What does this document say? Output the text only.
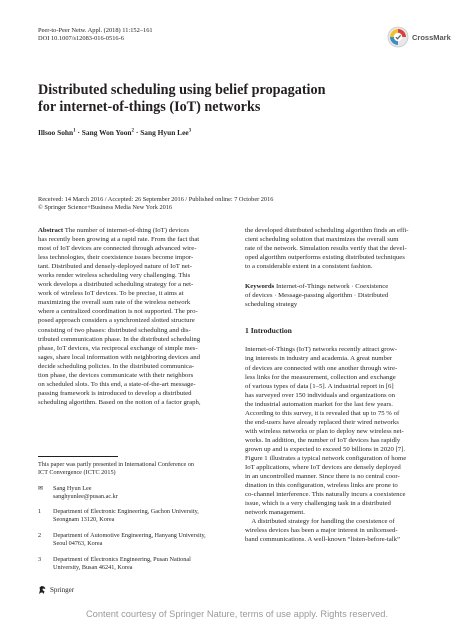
Peer-to-Peer Netw. Appl. (2018) 11:152–161
DOI 10.1007/s12083-016-0516-6	CrossMark
Distributed scheduling using belief propagation
for internet-of-things (IoT) networks
Illsoo Sohn$^1$ · Sang Won Yoon$^2$ · Sang Hyun Lee$^3$
Received: 14 March 2016 / Accepted: 26 September 2016 / Published online: 7 October 2016
© Springer Science+Business Media New York 2016

Abstract The number of internet-of-thing (IoT) devices

has recently been growing at a rapid rate. From the fact that

most of IoT devices are connected through advanced wire-

less technologies, their coexistence issues become impor-

tant. Distributed and densely-deployed nature of IoT net-

works render wireless scheduling very challenging. This

work develops a distributed scheduling strategy for a net-

work of wireless IoT devices. To be precise, it aims at

maximizing the overall sum rate of the wireless network

where a centralized coordination is not supported. The pro-

posed approach considers a synchronized slotted structure

consisting of two phases: distributed scheduling and dis-

tributed communication phase. In the distributed scheduling

phase, IoT devices, via reciprocal exchange of simple mes-

sages, share local information with neighboring devices and

decide scheduling policies. In the distributed communica-

tion phase, the devices communicate with their neighbors

on scheduled slots. To this end, a state-of-the-art message-

passing framework is introduced to develop a distributed

scheduling algorithm. Based on the notion of a factor graph,

the developed distributed scheduling algorithm finds an effi-

cient scheduling solution that maximizes the overall sum

rate of the network. Simulation results verify that the devel-

oped algorithm outperforms existing distributed techniques

to a considerable extent in a consistent fashion.

Keywords Internet-of-Things network · Coexistence

of devices · Message-passing algorithm · Distributed

scheduling strategy

1 Introduction

Internet-of-Things (IoT) networks recently attract grow-

ing interests in industry and academia. A great number

of devices are connected with one another through wire-

less links for the measurement, collection and exchange

of various types of data [1–5]. A industrial report in [6]

has surveyed over 150 individuals and organizations on

the industrial automation market for the last few years.

According to this survey, it is revealed that up to 75 % of

the end-users have already replaced their wired networks

with wireless networks or plan to deploy new wireless net-

works. In addition, the number of IoT devices has rapidly

grown up and is expected to exceed 50 billions in 2020 [7].

Figure 1 illustrates a typical network configuration of home

IoT applications, where IoT devices are densely deployed

in an uncontrolled manner. Since there is no central coor-

dination in this configuration, wireless links are prone to

co-channel interference. This naturally incurs a coexistence

issue, which is a very challenging task in a distributed

network management.

A distributed strategy for handling the coexistence of

wireless devices has been a major interest in unlicensed-

band communications. A well-known “listen-before-talk”

This paper was partly presented in International Conference on
ICT Convergence (ICTC 2015)
✉ Sang Hyun Lee
sanghyunlee@pusan.ac.kr
1 Department of Electronic Engineering, Gachon University,
Seongnam 13120, Korea
2 Department of Automotive Engineering, Hanyang University,
Seoul 04763, Korea
3 Department of Electronics Engineering, Pusan National
University, Busan 46241, Korea
Springer
Content courtesy of Springer Nature, terms of use apply. Rights reserved.
